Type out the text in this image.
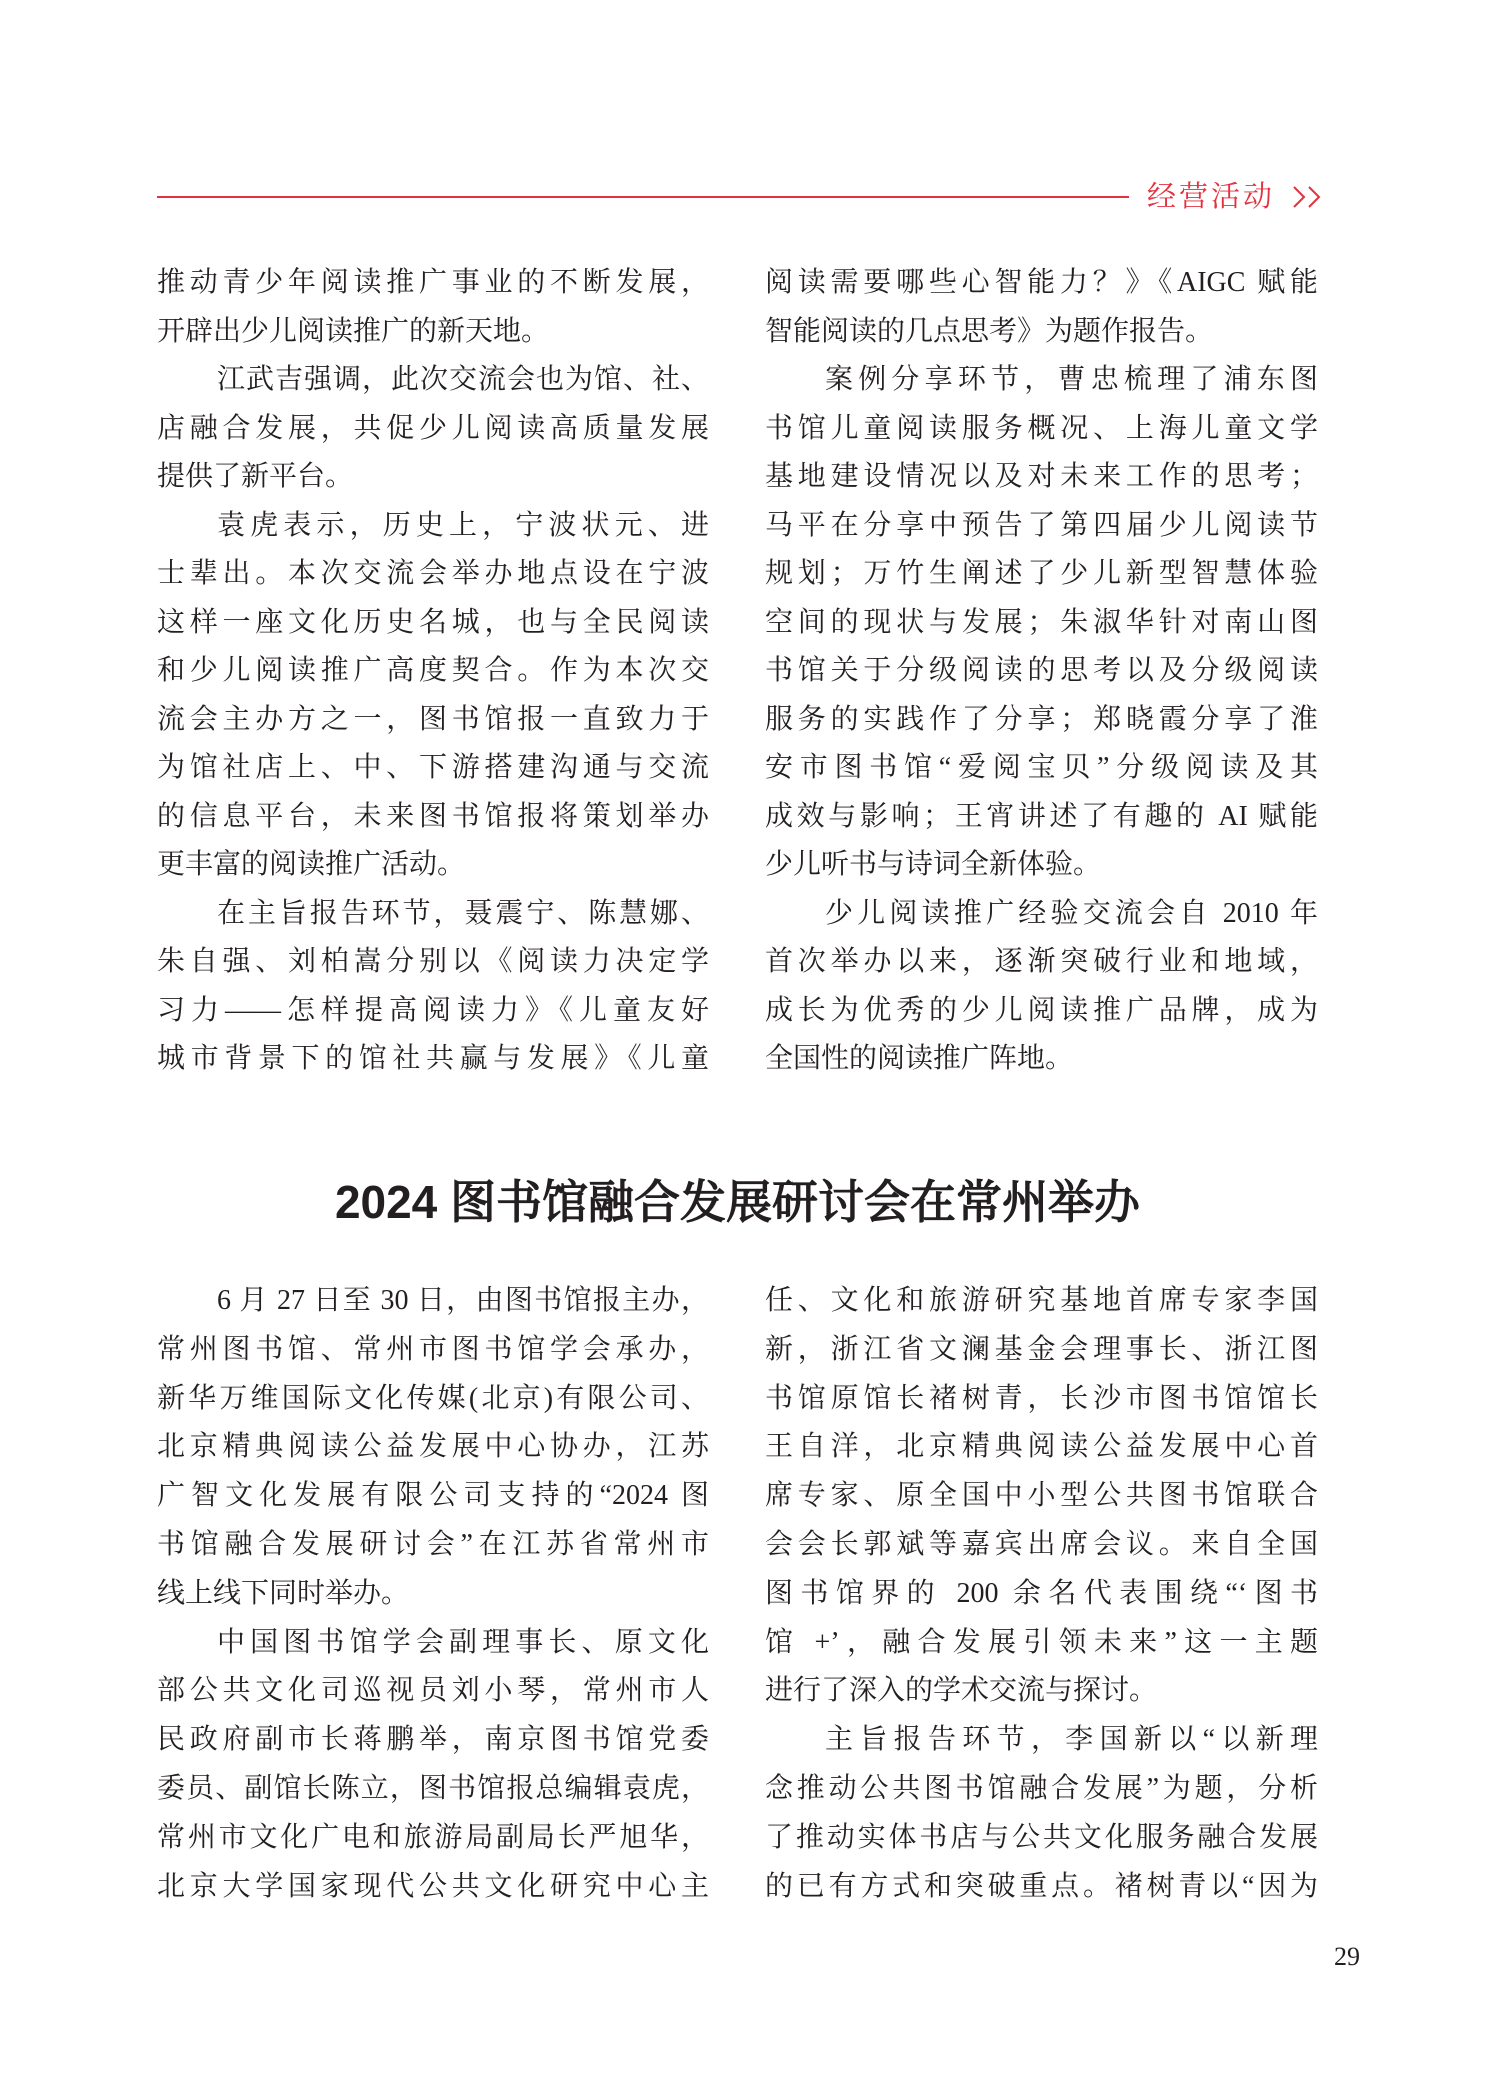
经营活动
推动青少年阅读推广事业的不断发展，
开辟出少儿阅读推广的新天地。
江武吉强调，此次交流会也为馆、社、
店融合发展，共促少儿阅读高质量发展
提供了新平台。
袁虎表示，历史上，宁波状元、进
士辈出。本次交流会举办地点设在宁波
这样一座文化历史名城，也与全民阅读
和少儿阅读推广高度契合。作为本次交
流会主办方之一，图书馆报一直致力于
为馆社店上、中、下游搭建沟通与交流
的信息平台，未来图书馆报将策划举办
更丰富的阅读推广活动。
在主旨报告环节，聂震宁、陈慧娜、
朱自强、刘柏嵩分别以《阅读力决定学
习力——怎样提高阅读力》《儿童友好
城市背景下的馆社共赢与发展》《儿童
阅读需要哪些心智能力？》《AIGC 赋能
智能阅读的几点思考》为题作报告。
案例分享环节，曹忠梳理了浦东图
书馆儿童阅读服务概况、上海儿童文学
基地建设情况以及对未来工作的思考；
马平在分享中预告了第四届少儿阅读节
规划；万竹生阐述了少儿新型智慧体验
空间的现状与发展；朱淑华针对南山图
书馆关于分级阅读的思考以及分级阅读
服务的实践作了分享；郑晓霞分享了淮
安市图书馆“爱阅宝贝”分级阅读及其
成效与影响；王宵讲述了有趣的 AI 赋能
少儿听书与诗词全新体验。
少儿阅读推广经验交流会自 2010 年
首次举办以来，逐渐突破行业和地域，
成长为优秀的少儿阅读推广品牌，成为
全国性的阅读推广阵地。
2024 图书馆融合发展研讨会在常州举办
6 月 27 日至 30 日，由图书馆报主办，
常州图书馆、常州市图书馆学会承办，
新华万维国际文化传媒(北京)有限公司、
北京精典阅读公益发展中心协办，江苏
广智文化发展有限公司支持的“2024 图
书馆融合发展研讨会”在江苏省常州市
线上线下同时举办。
中国图书馆学会副理事长、原文化
部公共文化司巡视员刘小琴，常州市人
民政府副市长蒋鹏举，南京图书馆党委
委员、副馆长陈立，图书馆报总编辑袁虎，
常州市文化广电和旅游局副局长严旭华，
北京大学国家现代公共文化研究中心主
任、文化和旅游研究基地首席专家李国
新，浙江省文澜基金会理事长、浙江图
书馆原馆长褚树青，长沙市图书馆馆长
王自洋，北京精典阅读公益发展中心首
席专家、原全国中小型公共图书馆联合
会会长郭斌等嘉宾出席会议。来自全国
图书馆界的 200 余名代表围绕“‘图书
馆 +’，融合发展引领未来”这一主题
进行了深入的学术交流与探讨。
主旨报告环节，李国新以“以新理
念推动公共图书馆融合发展”为题，分析
了推动实体书店与公共文化服务融合发展
的已有方式和突破重点。褚树青以“因为
29
